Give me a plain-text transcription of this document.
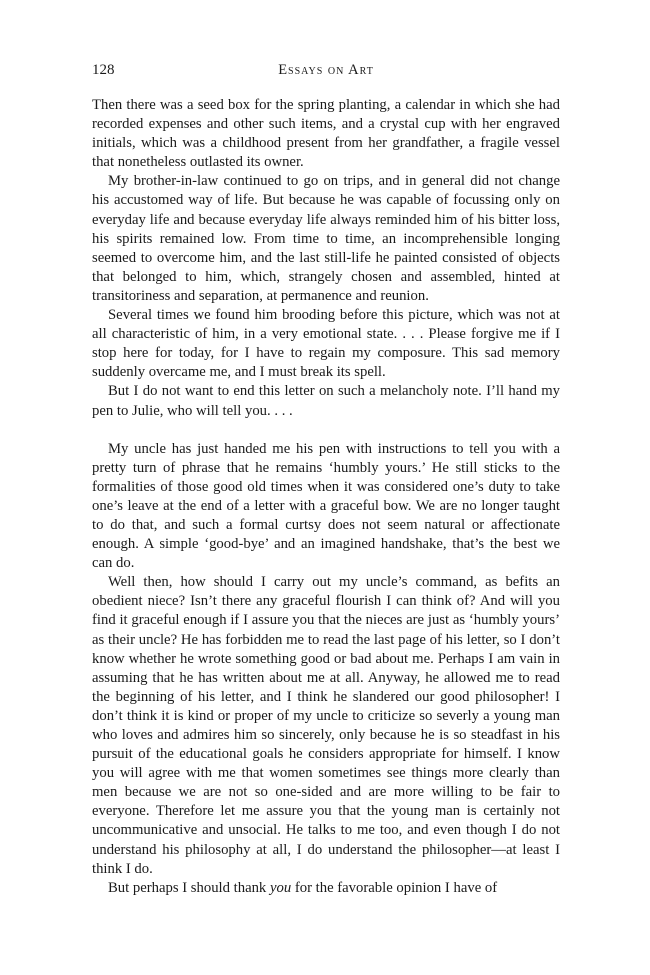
128	Essays on Art

Then there was a seed box for the spring planting, a calendar in which she had recorded expenses and other such items, and a crystal cup with her engraved initials, which was a childhood present from her grandfather, a fragile vessel that nonetheless outlasted its owner.

My brother-in-law continued to go on trips, and in general did not change his accustomed way of life. But because he was capable of focussing only on everyday life and because everyday life always reminded him of his bitter loss, his spirits remained low. From time to time, an incomprehensible longing seemed to overcome him, and the last still-life he painted consisted of objects that belonged to him, which, strangely chosen and assembled, hinted at transitoriness and separation, at permanence and reunion.

Several times we found him brooding before this picture, which was not at all characteristic of him, in a very emotional state. . . . Please forgive me if I stop here for today, for I have to regain my composure. This sad memory suddenly overcame me, and I must break its spell.

But I do not want to end this letter on such a melancholy note. I’ll hand my pen to Julie, who will tell you. . . .

My uncle has just handed me his pen with instructions to tell you with a pretty turn of phrase that he remains ‘humbly yours.’ He still sticks to the formalities of those good old times when it was considered one’s duty to take one’s leave at the end of a letter with a graceful bow. We are no longer taught to do that, and such a formal curtsy does not seem natural or affectionate enough. A simple ‘good-bye’ and an imagined handshake, that’s the best we can do.

Well then, how should I carry out my uncle’s command, as befits an obedient niece? Isn’t there any graceful flourish I can think of? And will you find it graceful enough if I assure you that the nieces are just as ‘humbly yours’ as their uncle? He has forbidden me to read the last page of his letter, so I don’t know whether he wrote something good or bad about me. Perhaps I am vain in assuming that he has written about me at all. Anyway, he allowed me to read the beginning of his letter, and I think he slandered our good philosopher! I don’t think it is kind or proper of my uncle to criticize so severly a young man who loves and admires him so sincerely, only because he is so steadfast in his pursuit of the educational goals he considers appropriate for himself. I know you will agree with me that women sometimes see things more clearly than men because we are not so one-sided and are more willing to be fair to everyone. Therefore let me assure you that the young man is certainly not uncommunicative and unsocial. He talks to me too, and even though I do not understand his philosophy at all, I do understand the philosopher—at least I think I do.

But perhaps I should thank you for the favorable opinion I have of
